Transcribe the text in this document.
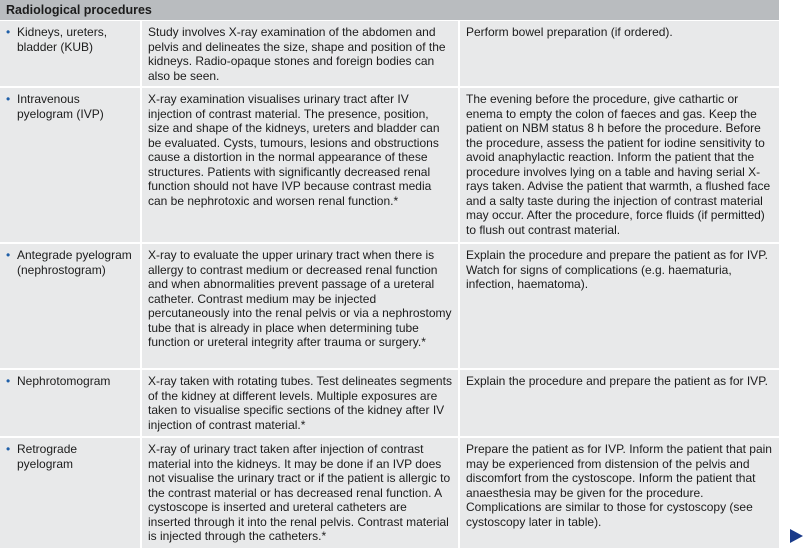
Radiological procedures
• Kidneys, ureters, bladder (KUB)
Study involves X-ray examination of the abdomen and pelvis and delineates the size, shape and position of the kidneys. Radio-opaque stones and foreign bodies can also be seen.
Perform bowel preparation (if ordered).
• Intravenous pyelogram (IVP)
X-ray examination visualises urinary tract after IV injection of contrast material. The presence, position, size and shape of the kidneys, ureters and bladder can be evaluated. Cysts, tumours, lesions and obstructions cause a distortion in the normal appearance of these structures. Patients with significantly decreased renal function should not have IVP because contrast media can be nephrotoxic and worsen renal function.*
The evening before the procedure, give cathartic or enema to empty the colon of faeces and gas. Keep the patient on NBM status 8 h before the procedure. Before the procedure, assess the patient for iodine sensitivity to avoid anaphylactic reaction. Inform the patient that the procedure involves lying on a table and having serial X-rays taken. Advise the patient that warmth, a flushed face and a salty taste during the injection of contrast material may occur. After the procedure, force fluids (if permitted) to flush out contrast material.
• Antegrade pyelogram (nephrostogram)
X-ray to evaluate the upper urinary tract when there is allergy to contrast medium or decreased renal function and when abnormalities prevent passage of a ureteral catheter. Contrast medium may be injected percutaneously into the renal pelvis or via a nephrostomy tube that is already in place when determining tube function or ureteral integrity after trauma or surgery.*
Explain the procedure and prepare the patient as for IVP. Watch for signs of complications (e.g. haematuria, infection, haematoma).
• Nephrotomogram	X-ray taken with rotating tubes. Test delineates segments of the kidney at different levels. Multiple exposures are taken to visualise specific sections of the kidney after IV injection of contrast material.*
Explain the procedure and prepare the patient as for IVP.
• Retrograde pyelogram
X-ray of urinary tract taken after injection of contrast material into the kidneys. It may be done if an IVP does not visualise the urinary tract or if the patient is allergic to the contrast material or has decreased renal function. A cystoscope is inserted and ureteral catheters are inserted through it into the renal pelvis. Contrast material is injected through the catheters.*
Prepare the patient as for IVP. Inform the patient that pain may be experienced from distension of the pelvis and discomfort from the cystoscope. Inform the patient that anaesthesia may be given for the procedure. Complications are similar to those for cystoscopy (see cystoscopy later in table).
